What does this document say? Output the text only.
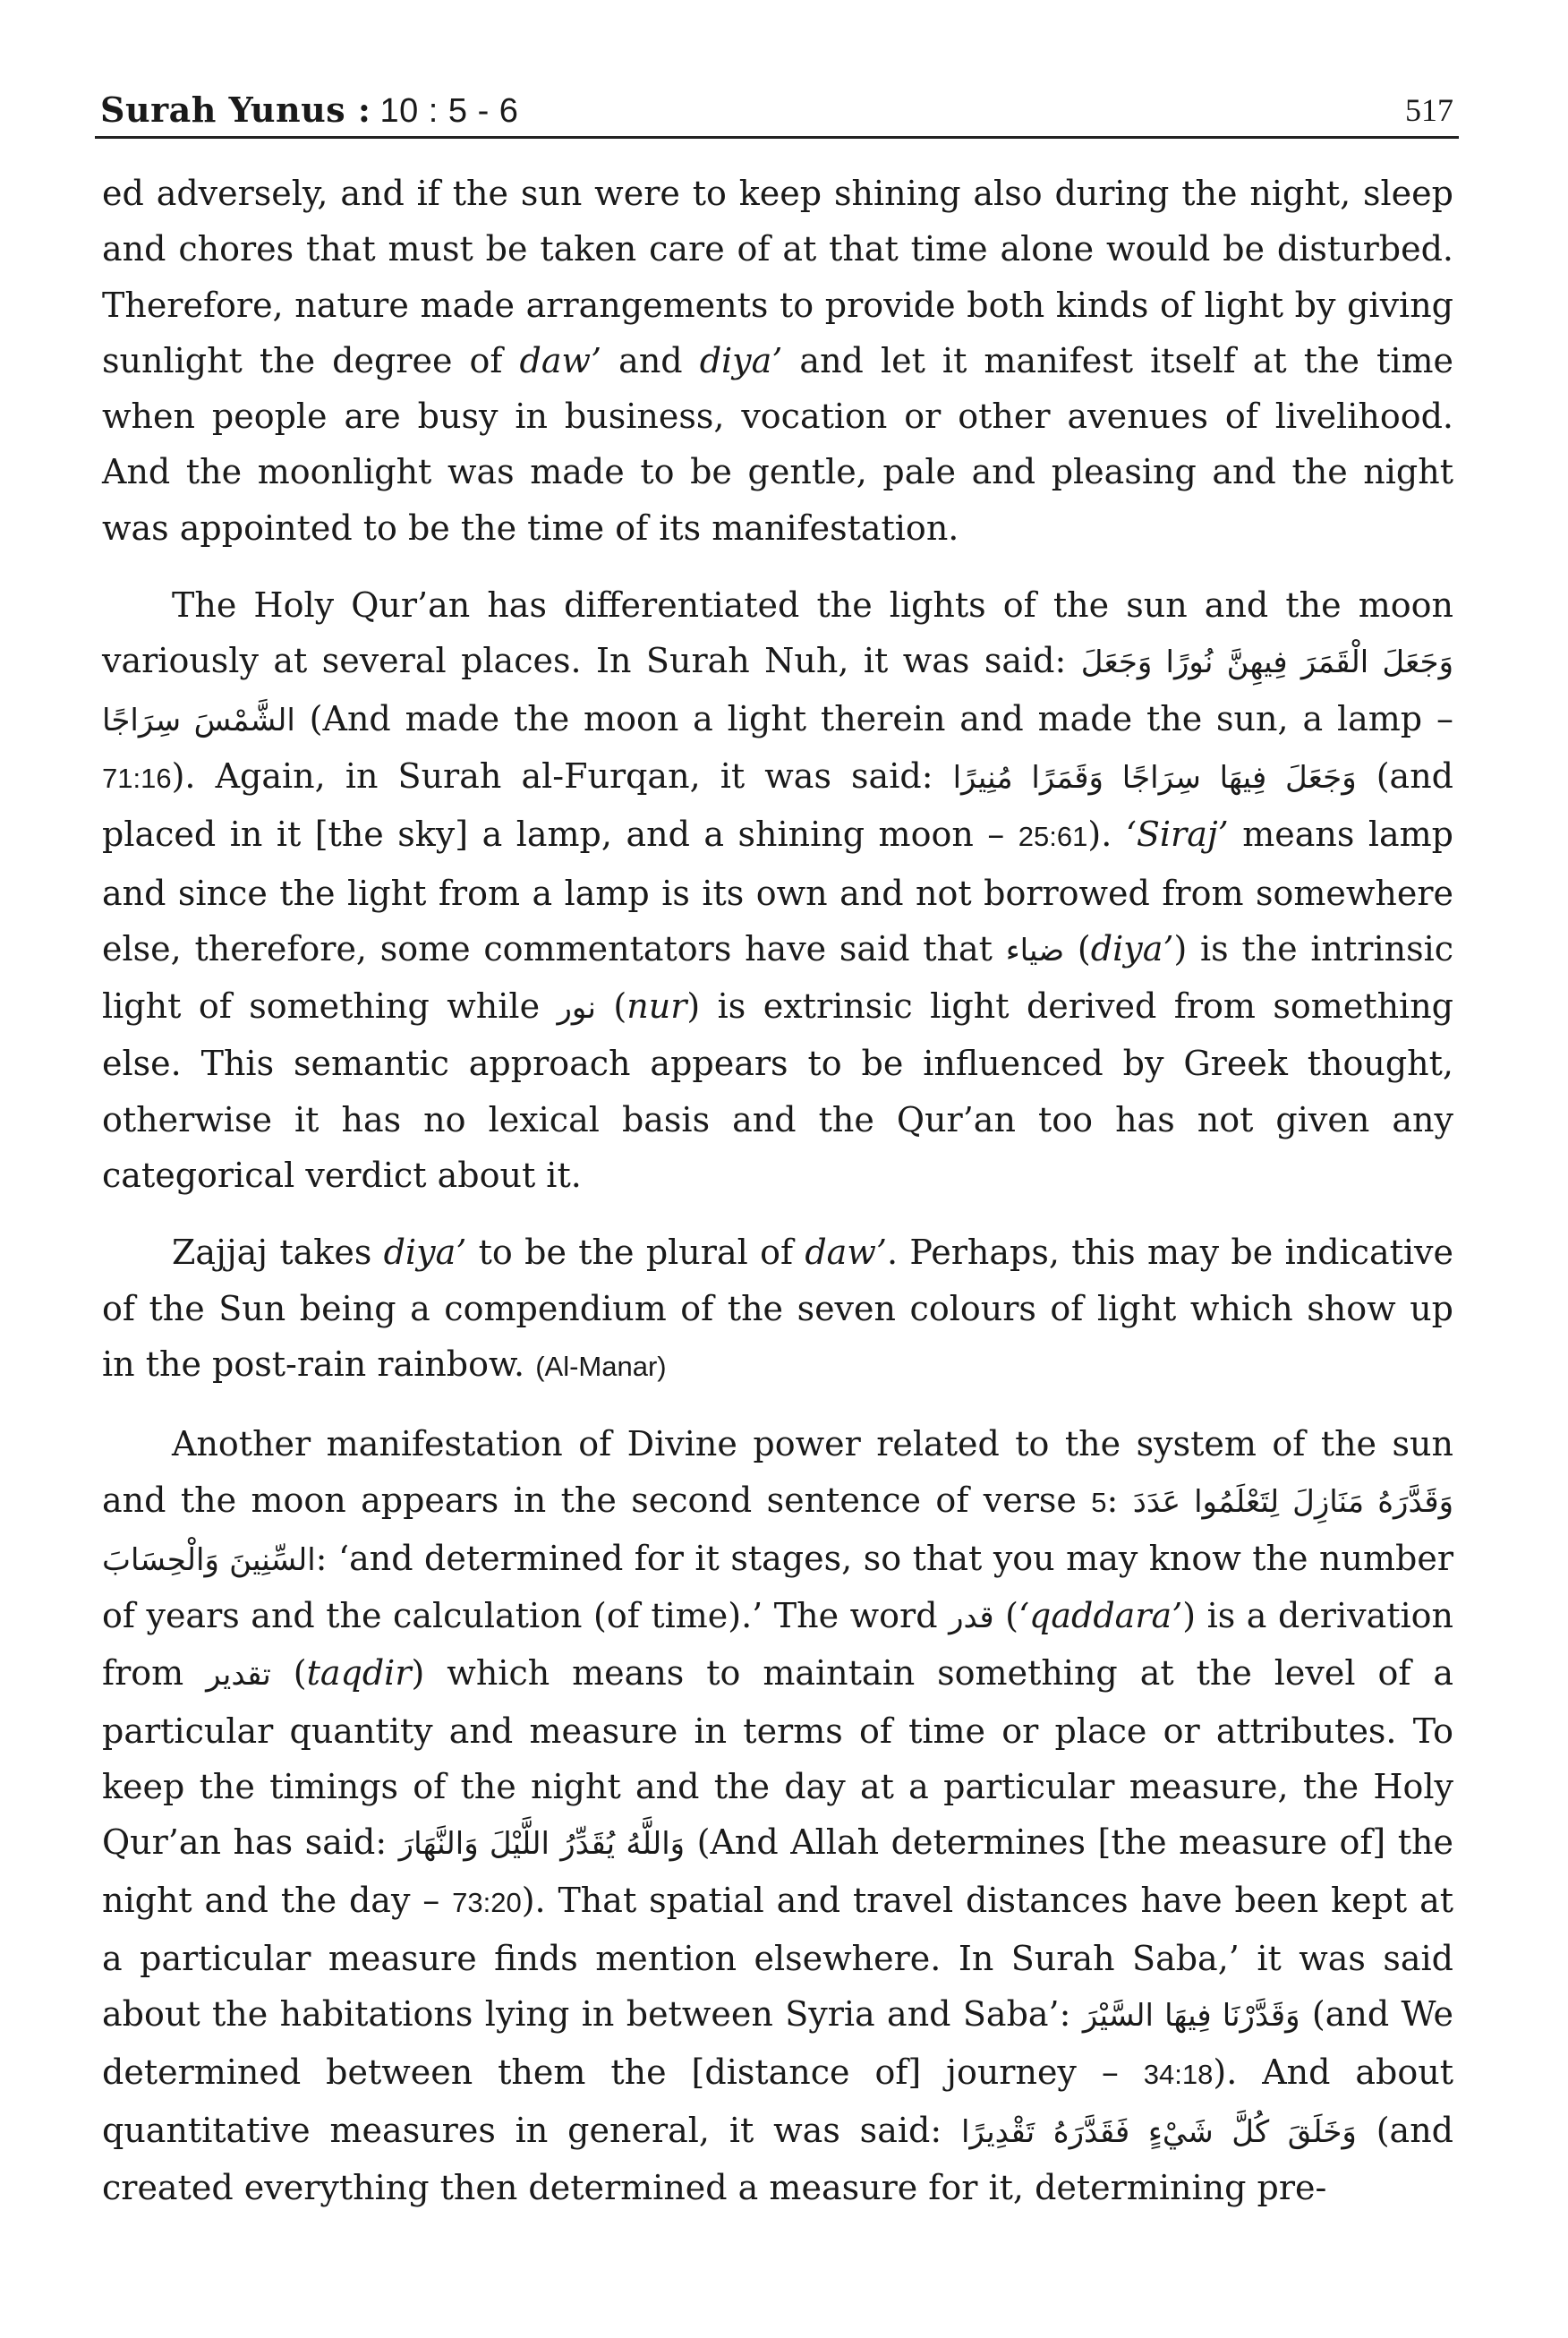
Surah Yunus : 10 : 5 - 6	517

ed adversely, and if the sun were to keep shining also during the night, sleep and chores that must be taken care of at that time alone would be disturbed. Therefore, nature made arrangements to provide both kinds of light by giving sunlight the degree of daw’ and diya’ and let it manifest itself at the time when people are busy in business, vocation or other avenues of livelihood. And the moonlight was made to be gentle, pale and pleasing and the night was appointed to be the time of its manifestation.

The Holy Qur’an has differentiated the lights of the sun and the moon variously at several places. In Surah Nuh, it was said: وَجَعَلَ الْقَمَرَ فِيهِنَّ نُورًا وَجَعَلَ الشَّمْسَ سِرَاجًا (And made the moon a light therein and made the sun, a lamp – 71:16). Again, in Surah al-Furqan, it was said: وَجَعَلَ فِيهَا سِرَاجًا وَقَمَرًا مُنِيرًا (and placed in it [the sky] a lamp, and a shining moon – 25:61). ‘Siraj’ means lamp and since the light from a lamp is its own and not borrowed from somewhere else, therefore, some commentators have said that ضياء (diya’) is the intrinsic light of something while نور (nur) is extrinsic light derived from something else. This semantic approach appears to be influenced by Greek thought, otherwise it has no lexical basis and the Qur’an too has not given any categorical verdict about it.

Zajjaj takes diya’ to be the plural of daw’. Perhaps, this may be indicative of the Sun being a compendium of the seven colours of light which show up in the post-rain rainbow. (Al-Manar)

Another manifestation of Divine power related to the system of the sun and the moon appears in the second sentence of verse 5: وَقَدَّرَهُ مَنَازِلَ لِتَعْلَمُوا عَدَدَ السِّنِينَ وَالْحِسَابَ: ‘and determined for it stages, so that you may know the number of years and the calculation (of time).’ The word قدر (‘qaddara’) is a derivation from تقدير (taqdir) which means to maintain something at the level of a particular quantity and measure in terms of time or place or attributes. To keep the timings of the night and the day at a particular measure, the Holy Qur’an has said: وَاللَّهُ يُقَدِّرُ اللَّيْلَ وَالنَّهَارَ (And Allah determines [the measure of] the night and the day – 73:20). That spatial and travel distances have been kept at a particular measure finds mention elsewhere. In Surah Saba,’ it was said about the habitations lying in between Syria and Saba’: وَقَدَّرْنَا فِيهَا السَّيْرَ (and We determined between them the [distance of] journey – 34:18). And about quantitative measures in general, it was said: وَخَلَقَ كُلَّ شَيْءٍ فَقَدَّرَهُ تَقْدِيرًا (and created everything then determined a measure for it, determining pre-
